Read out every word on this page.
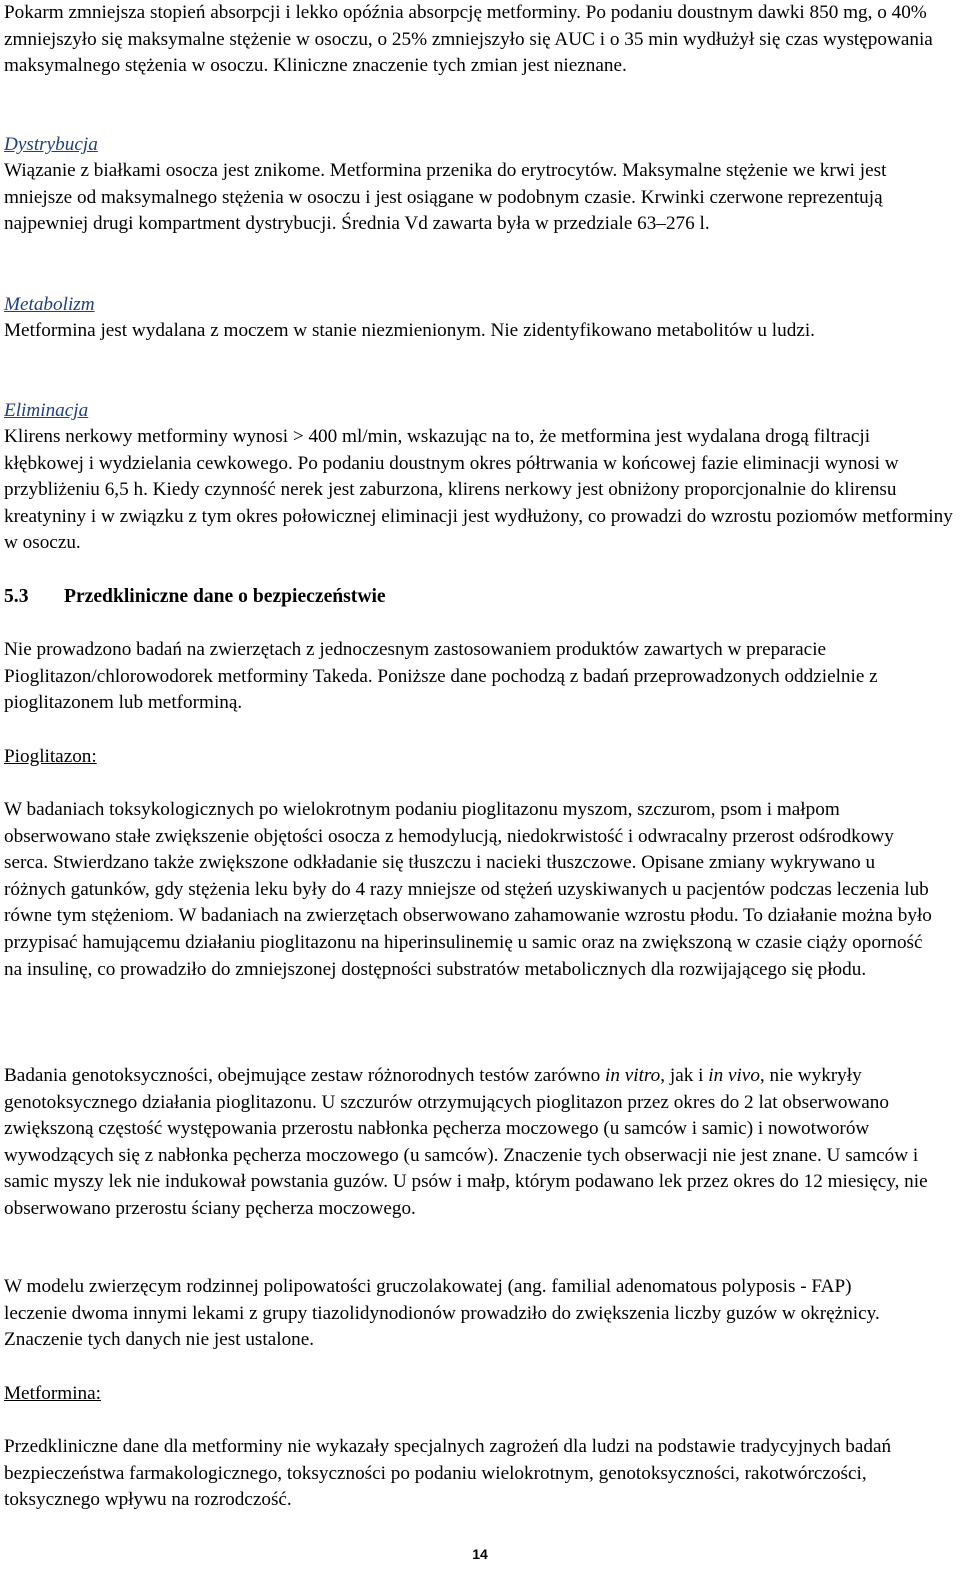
Pokarm zmniejsza stopień absorpcji i lekko opóźnia absorpcję metforminy. Po podaniu doustnym dawki 850 mg, o 40% zmniejszyło się maksymalne stężenie w osoczu, o 25% zmniejszyło się AUC i o 35 min wydłużył się czas występowania maksymalnego stężenia w osoczu. Kliniczne znaczenie tych zmian jest nieznane.

Dystrybucja

Wiązanie z białkami osocza jest znikome. Metformina przenika do erytrocytów. Maksymalne stężenie we krwi jest mniejsze od maksymalnego stężenia w osoczu i jest osiągane w podobnym czasie. Krwinki czerwone reprezentują najpewniej drugi kompartment dystrybucji. Średnia Vd zawarta była w przedziale 63–276 l.

Metabolizm

Metformina jest wydalana z moczem w stanie niezmienionym. Nie zidentyfikowano metabolitów u ludzi.

Eliminacja

Klirens nerkowy metforminy wynosi > 400 ml/min, wskazując na to, że metformina jest wydalana drogą filtracji kłębkowej i wydzielania cewkowego. Po podaniu doustnym okres półtrwania w końcowej fazie eliminacji wynosi w przybliżeniu 6,5 h. Kiedy czynność nerek jest zaburzona, klirens nerkowy jest obniżony proporcjonalnie do klirensu kreatyniny i w związku z tym okres połowicznej eliminacji jest wydłużony, co prowadzi do wzrostu poziomów metforminy w osoczu.

5.3 Przedkliniczne dane o bezpieczeństwie

Nie prowadzono badań na zwierzętach z jednoczesnym zastosowaniem produktów zawartych w preparacie Pioglitazon/chlorowodorek metforminy Takeda. Poniższe dane pochodzą z badań przeprowadzonych oddzielnie z pioglitazonem lub metforminą.

Pioglitazon:

W badaniach toksykologicznych po wielokrotnym podaniu pioglitazonu myszom, szczurom, psom i małpom obserwowano stałe zwiększenie objętości osocza z hemodylucją, niedokrwistość i odwracalny przerost odśrodkowy serca. Stwierdzano także zwiększone odkładanie się tłuszczu i nacieki tłuszczowe. Opisane zmiany wykrywano u różnych gatunków, gdy stężenia leku były do 4 razy mniejsze od stężeń uzyskiwanych u pacjentów podczas leczenia lub równe tym stężeniom. W badaniach na zwierzętach obserwowano zahamowanie wzrostu płodu. To działanie można było przypisać hamującemu działaniu pioglitazonu na hiperinsulinemię u samic oraz na zwiększoną w czasie ciąży oporność na insulinę, co prowadziło do zmniejszonej dostępności substratów metabolicznych dla rozwijającego się płodu.

Badania genotoksyczności, obejmujące zestaw różnorodnych testów zarówno in vitro, jak i in vivo, nie wykryły genotoksycznego działania pioglitazonu. U szczurów otrzymujących pioglitazon przez okres do 2 lat obserwowano zwiększoną częstość występowania przerostu nabłonka pęcherza moczowego (u samców i samic) i nowotworów wywodzących się z nabłonka pęcherza moczowego (u samców). Znaczenie tych obserwacji nie jest znane. U samców i samic myszy lek nie indukował powstania guzów. U psów i małp, którym podawano lek przez okres do 12 miesięcy, nie obserwowano przerostu ściany pęcherza moczowego.

W modelu zwierzęcym rodzinnej polipowatości gruczolakowatej (ang. familial adenomatous polyposis - FAP) leczenie dwoma innymi lekami z grupy tiazolidynodionów prowadziło do zwiększenia liczby guzów w okrężnicy. Znaczenie tych danych nie jest ustalone.

Metformina:

Przedkliniczne dane dla metforminy nie wykazały specjalnych zagrożeń dla ludzi na podstawie tradycyjnych badań bezpieczeństwa farmakologicznego, toksyczności po podaniu wielokrotnym, genotoksyczności, rakotwórczości, toksycznego wpływu na rozrodczość.

14
